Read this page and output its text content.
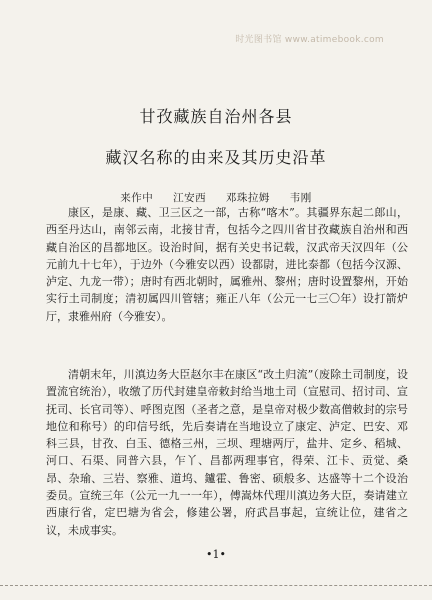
时光图书馆 www.atimebook.com
甘孜藏族自治州各县
藏汉名称的由来及其历史沿革
来作中 江安西 邓珠拉姆 韦刚

康区，是康、藏、卫三区之一部，古称“喀木”。其疆界东起二郎山，西至丹达山，南邻云南，北接甘青，包括今之四川省甘孜藏族自治州和西藏自治区的昌都地区。设治时间，据有关史书记载，汉武帝天汉四年（公元前九十七年），于边外（今雅安以西）设都尉，进比泰都（包括今汉源、泸定、九龙一带）；唐时有西北朝时，属雅州、黎州；唐时设置黎州，开始实行土司制度；清初属四川管辖；雍正八年（公元一七三〇年）设打箭炉厅，隶雅州府（今雅安）。

清朝末年，川滇边务大臣赵尔丰在康区“改土归流”（废除土司制度，设置流官统治），收缴了历代封建皇帝敕封给当地土司（宣慰司、招讨司、宣抚司、长官司等）、呼图克图（圣者之意，是皇帝对极少数高僧敕封的宗号地位和称号）的印信号纸，先后奏请在当地设立了康定、泸定、巴安、邓科三县，甘孜、白玉、德格三州，三坝、理塘两厅，盐井、定乡、稻城、河口、石渠、同普六县，乍丫、昌都两理事官，得荣、江卡、贡觉、桑昂、杂瑜、三岩、察雅、道坞、鑪霍、鲁密、硕般多、达盛等十二个设治委员。宣统三年（公元一九一一年），傅嵩炑代理川滇边务大臣，奏请建立西康行省，定巴塘为省会，修建公署，府武昌事起，宣统让位，建省之议，未成事实。

•1•
